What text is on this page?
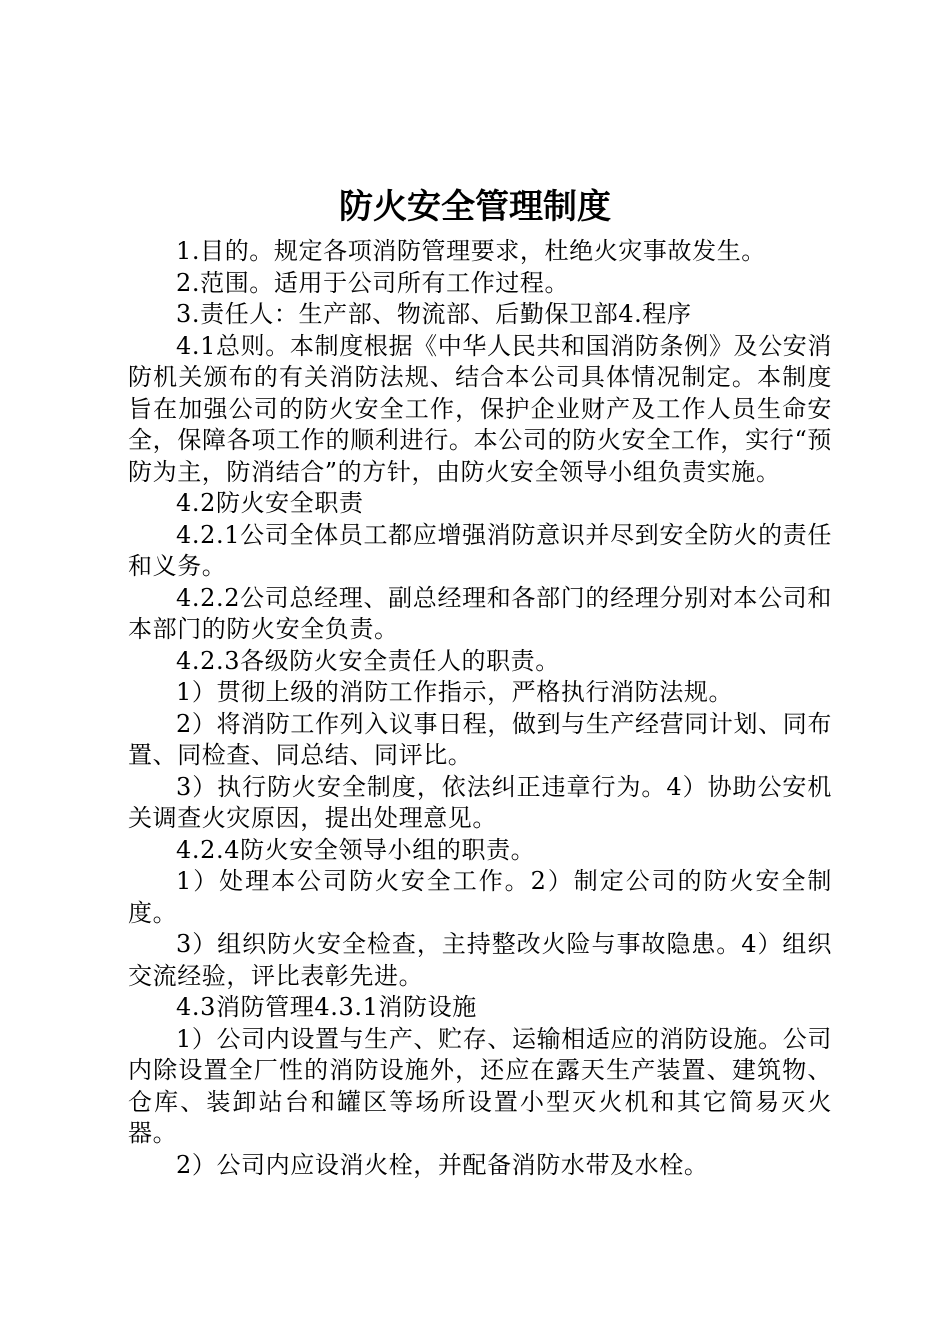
防火安全管理制度

1.目的。规定各项消防管理要求，杜绝火灾事故发生。

2.范围。适用于公司所有工作过程。

3.责任人：生产部、物流部、后勤保卫部4.程序

4.1总则。本制度根据《中华人民共和国消防条例》及公安消防机关颁布的有关消防法规、结合本公司具体情况制定。本制度旨在加强公司的防火安全工作，保护企业财产及工作人员生命安全，保障各项工作的顺利进行。本公司的防火安全工作，实行“预防为主，防消结合”的方针，由防火安全领导小组负责实施。

4.2防火安全职责

4.2.1公司全体员工都应增强消防意识并尽到安全防火的责任和义务。

4.2.2公司总经理、副总经理和各部门的经理分别对本公司和本部门的防火安全负责。

4.2.3各级防火安全责任人的职责。

1）贯彻上级的消防工作指示，严格执行消防法规。

2）将消防工作列入议事日程，做到与生产经营同计划、同布置、同检查、同总结、同评比。

3）执行防火安全制度，依法纠正违章行为。4）协助公安机关调查火灾原因，提出处理意见。

4.2.4防火安全领导小组的职责。

1）处理本公司防火安全工作。2）制定公司的防火安全制度。

3）组织防火安全检查，主持整改火险与事故隐患。4）组织交流经验，评比表彰先进。

4.3消防管理4.3.1消防设施

1）公司内设置与生产、贮存、运输相适应的消防设施。公司内除设置全厂性的消防设施外，还应在露天生产装置、建筑物、仓库、装卸站台和罐区等场所设置小型灭火机和其它简易灭火器。

2）公司内应设消火栓，并配备消防水带及水栓。
